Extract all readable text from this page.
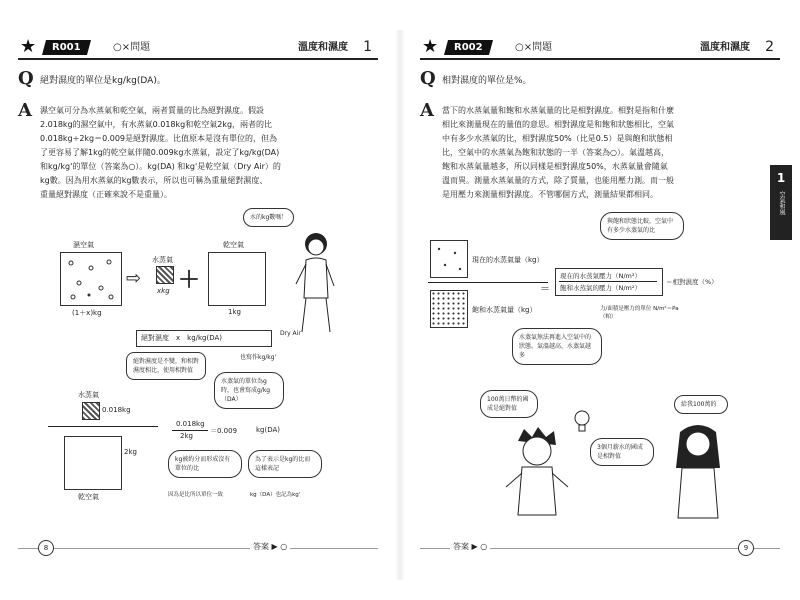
★	R001	○×問題	溫度和濕度 1
Q 絕對濕度的單位是kg/kg(DA)。
A 濕空氣可分為水蒸氣和乾空氣，兩者質量的比為絕對濕度。假設
2.018kg的濕空氣中，有水蒸氣0.018kg和乾空氣2kg，兩者的比
0.018kg÷2kg＝0.009是絕對濕度。比值原本是沒有單位的，但為
了更容易了解1kg的乾空氣伴隨0.009kg水蒸氣，設定了kg/kg(DA)
和kg/kg'的單位（答案為○）。kg(DA) 和kg'是乾空氣（Dry Air）的
kg數。因為用水蒸氣的kg數表示，所以也可稱為重量絕對濕度、
重量絕對濕度（正確來說不是重量）。
濕空氣
(1＋x)kg
⇨
水蒸氣
xkg ＋
乾空氣
1kg
水的kg數嗎！
絕對濕度　x　kg/kg(DA)
Dry Air
也寫作kg/kg'
絕對濕度是不變，和相對濕度相比，使用相對值
水蒸氣的單位為g時，也會寫成g/kg（DA）
水蒸氣
0.018kg
2kg
乾空氣
0.018kg
2kg
＝0.009	kg(DA)
kg被約分而形成沒有單位的比
為了表示是kg的比而這樣表記
因為是比所以單位一致	kg（DA）也記為kg'
8	答案 ▶ ○
★	R002	○×問題	溫度和濕度 2
Q 相對濕度的單位是%。
A 當下的水蒸氣量和飽和水蒸氣量的比是相對濕度。相對是指和什麼
相比來測量現在的量值的意思。相對濕度是和飽和狀態相比，空氣
中有多少水蒸氣的比，相對濕度50%（比是0.5）是與飽和狀態相
比，空氣中的水蒸氣為飽和狀態的一半（答案為○）。氣溫越高，
飽和水蒸氣量越多，所以同樣是相對濕度50%，水蒸氣量會隨氣
溫而異。測量水蒸氣量的方式，除了質量，也能用壓力測。而一般
是用壓力來測量相對濕度。不管哪個方式，測量結果都相同。
與飽和狀態比較，空氣中有多少水蒸氣的比
現在的水蒸氣量（kg）
＝
現在的水蒸氣壓力（N/m²）
飽和水蒸氣的壓力（N/m²）
＝相對濕度（%）
飽和水蒸氣量（kg）	力/面積是壓力的單位 N/m²＝Pa（帕）
水蒸氣無法再進入空氣中的狀態。氣溫越高，水蒸氣越多
100萬日幣的國成是絕對值
給我100萬的
3個月薪水的國成是相對值
9
答案 ▶ ○
1
空氣和風
